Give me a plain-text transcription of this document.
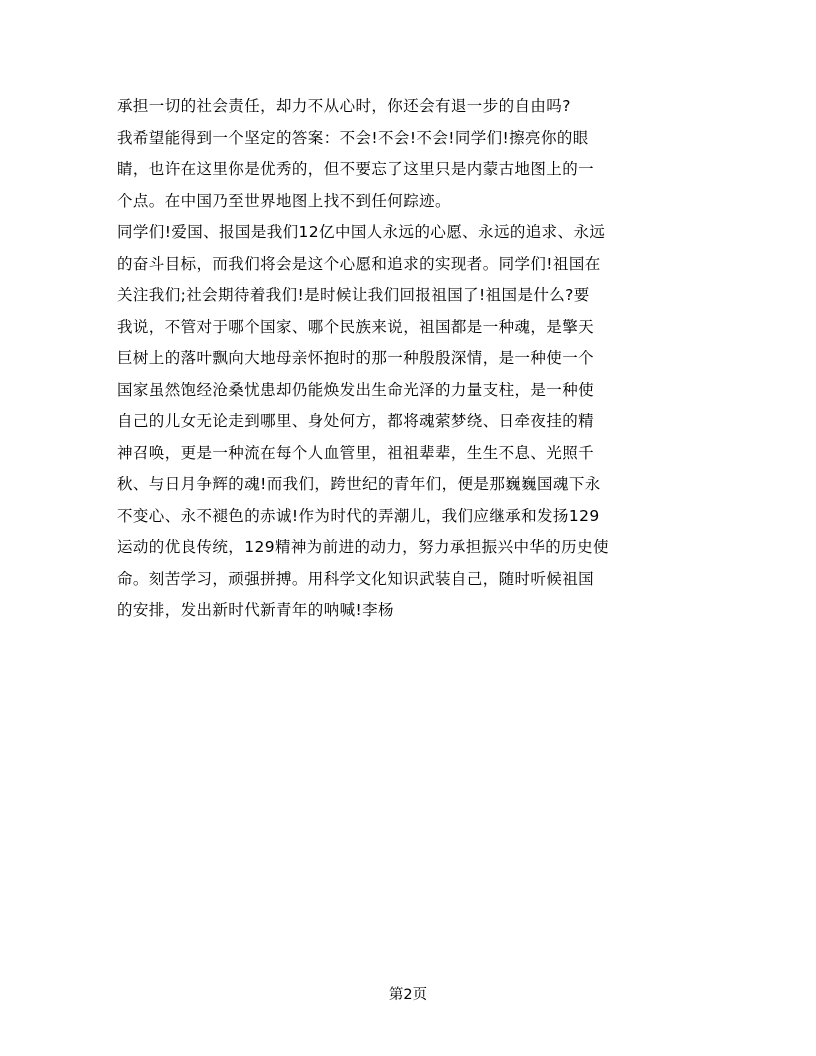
承担一切的社会责任，却力不从心时，你还会有退一步的自由吗?
我希望能得到一个坚定的答案：不会!不会!不会!同学们!擦亮你的眼
睛，也许在这里你是优秀的，但不要忘了这里只是内蒙古地图上的一
个点。在中国乃至世界地图上找不到任何踪迹。
同学们!爱国、报国是我们12亿中国人永远的心愿、永远的追求、永远
的奋斗目标，而我们将会是这个心愿和追求的实现者。同学们!祖国在
关注我们;社会期待着我们!是时候让我们回报祖国了!祖国是什么?要
我说，不管对于哪个国家、哪个民族来说，祖国都是一种魂，是擎天
巨树上的落叶飘向大地母亲怀抱时的那一种殷殷深情，是一种使一个
国家虽然饱经沧桑忧患却仍能焕发出生命光泽的力量支柱，是一种使
自己的儿女无论走到哪里、身处何方，都将魂萦梦绕、日牵夜挂的精
神召唤，更是一种流在每个人血管里，祖祖辈辈，生生不息、光照千
秋、与日月争辉的魂!而我们，跨世纪的青年们，便是那巍巍国魂下永
不变心、永不褪色的赤诚!作为时代的弄潮儿，我们应继承和发扬129
运动的优良传统，129精神为前进的动力，努力承担振兴中华的历史使
命。刻苦学习，顽强拼搏。用科学文化知识武装自己，随时听候祖国
的安排，发出新时代新青年的呐喊!李杨
第2页
